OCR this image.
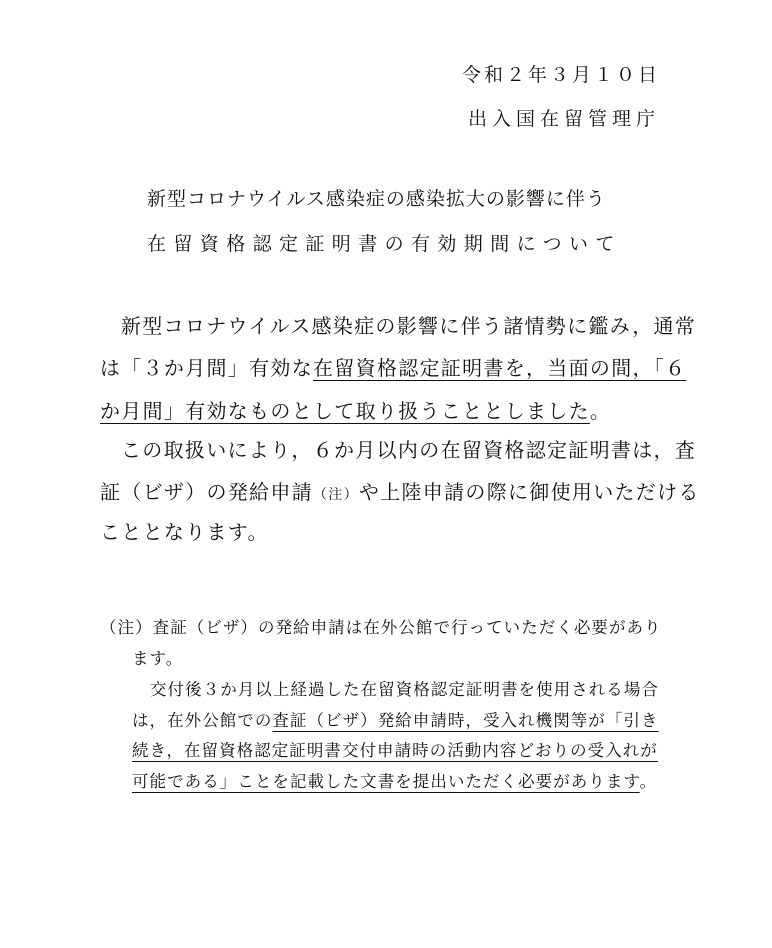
令和２年３月１０日
出入国在留管理庁
新型コロナウイルス感染症の感染拡大の影響に伴う
在留資格認定証明書の有効期間について
新型コロナウイルス感染症の影響に伴う諸情勢に鑑み，通常
は「３か月間」有効な在留資格認定証明書を，当面の間，「６
か月間」有効なものとして取り扱うこととしました。
この取扱いにより，６か月以内の在留資格認定証明書は，査
証（ビザ）の発給申請（注）や上陸申請の際に御使用いただける
こととなります。
（注）査証（ビザ）の発給申請は在外公館で行っていただく必要があり
ます。
交付後３か月以上経過した在留資格認定証明書を使用される場合
は，在外公館での査証（ビザ）発給申請時，受入れ機関等が「引き
続き，在留資格認定証明書交付申請時の活動内容どおりの受入れが
可能である」ことを記載した文書を提出いただく必要があります。
